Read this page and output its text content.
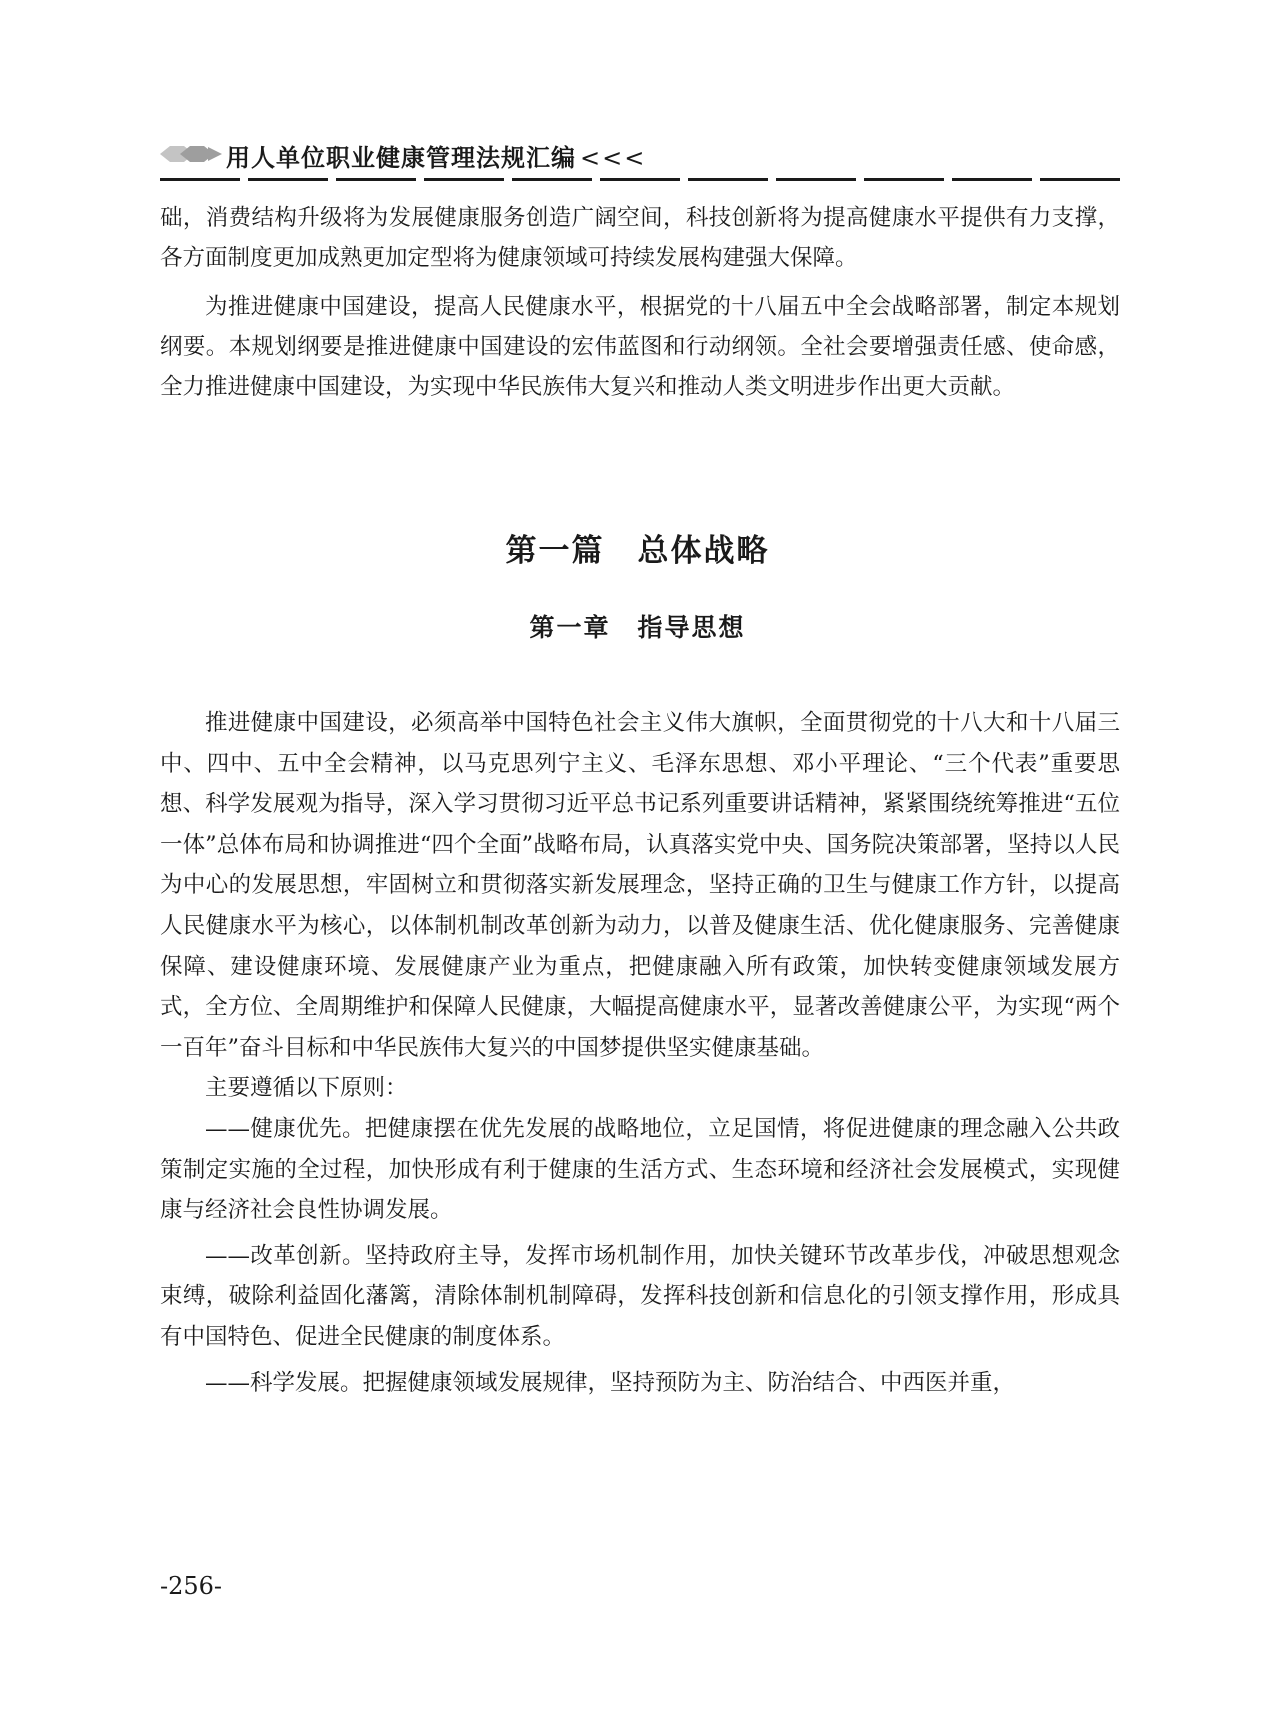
用人单位职业健康管理法规汇编 <<<

础，消费结构升级将为发展健康服务创造广阔空间，科技创新将为提高健康水平提供有力支撑，各方面制度更加成熟更加定型将为健康领域可持续发展构建强大保障。

为推进健康中国建设，提高人民健康水平，根据党的十八届五中全会战略部署，制定本规划纲要。本规划纲要是推进健康中国建设的宏伟蓝图和行动纲领。全社会要增强责任感、使命感，全力推进健康中国建设，为实现中华民族伟大复兴和推动人类文明进步作出更大贡献。

第一篇　总体战略
第一章　指导思想

推进健康中国建设，必须高举中国特色社会主义伟大旗帜，全面贯彻党的十八大和十八届三中、四中、五中全会精神，以马克思列宁主义、毛泽东思想、邓小平理论、“三个代表”重要思想、科学发展观为指导，深入学习贯彻习近平总书记系列重要讲话精神，紧紧围绕统筹推进“五位一体”总体布局和协调推进“四个全面”战略布局，认真落实党中央、国务院决策部署，坚持以人民为中心的发展思想，牢固树立和贯彻落实新发展理念，坚持正确的卫生与健康工作方针，以提高人民健康水平为核心，以体制机制改革创新为动力，以普及健康生活、优化健康服务、完善健康保障、建设健康环境、发展健康产业为重点，把健康融入所有政策，加快转变健康领域发展方式，全方位、全周期维护和保障人民健康，大幅提高健康水平，显著改善健康公平，为实现“两个一百年”奋斗目标和中华民族伟大复兴的中国梦提供坚实健康基础。

主要遵循以下原则：

——健康优先。把健康摆在优先发展的战略地位，立足国情，将促进健康的理念融入公共政策制定实施的全过程，加快形成有利于健康的生活方式、生态环境和经济社会发展模式，实现健康与经济社会良性协调发展。

——改革创新。坚持政府主导，发挥市场机制作用，加快关键环节改革步伐，冲破思想观念束缚，破除利益固化藩篱，清除体制机制障碍，发挥科技创新和信息化的引领支撑作用，形成具有中国特色、促进全民健康的制度体系。

——科学发展。把握健康领域发展规律，坚持预防为主、防治结合、中西医并重，

-256-
